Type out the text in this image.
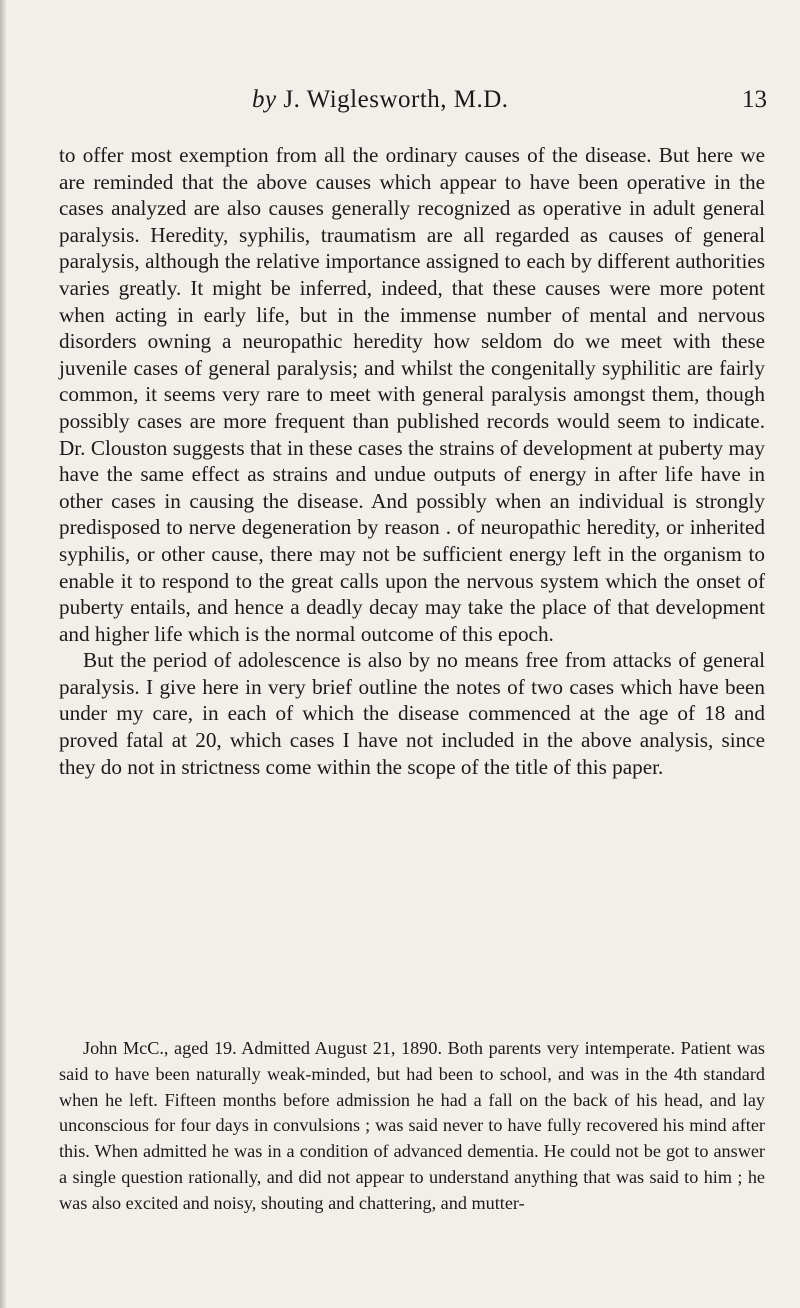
by J. Wiglesworth, M.D.	13

to offer most exemption from all the ordinary causes of the disease. But here we are reminded that the above causes which appear to have been operative in the cases analyzed are also causes generally recognized as operative in adult general paralysis. Heredity, syphilis, traumatism are all regarded as causes of general paralysis, although the relative importance assigned to each by different authorities varies greatly. It might be inferred, indeed, that these causes were more potent when acting in early life, but in the immense number of mental and nervous disorders owning a neuropathic heredity how seldom do we meet with these juvenile cases of general paralysis; and whilst the congenitally syphilitic are fairly common, it seems very rare to meet with general paralysis amongst them, though possibly cases are more frequent than published records would seem to indicate. Dr. Clouston suggests that in these cases the strains of development at puberty may have the same effect as strains and undue outputs of energy in after life have in other cases in causing the disease. And possibly when an individual is strongly predisposed to nerve degeneration by reason . of neuropathic heredity, or inherited syphilis, or other cause, there may not be sufficient energy left in the organism to enable it to respond to the great calls upon the nervous system which the onset of puberty entails, and hence a deadly decay may take the place of that development and higher life which is the normal outcome of this epoch.

But the period of adolescence is also by no means free from attacks of general paralysis. I give here in very brief outline the notes of two cases which have been under my care, in each of which the disease commenced at the age of 18 and proved fatal at 20, which cases I have not included in the above analysis, since they do not in strictness come within the scope of the title of this paper.

John McC., aged 19. Admitted August 21, 1890. Both parents very intemperate. Patient was said to have been naturally weak-minded, but had been to school, and was in the 4th standard when he left. Fifteen months before admission he had a fall on the back of his head, and lay unconscious for four days in convulsions ; was said never to have fully recovered his mind after this. When admitted he was in a condition of advanced dementia. He could not be got to answer a single question rationally, and did not appear to understand anything that was said to him ; he was also excited and noisy, shouting and chattering, and mutter-
